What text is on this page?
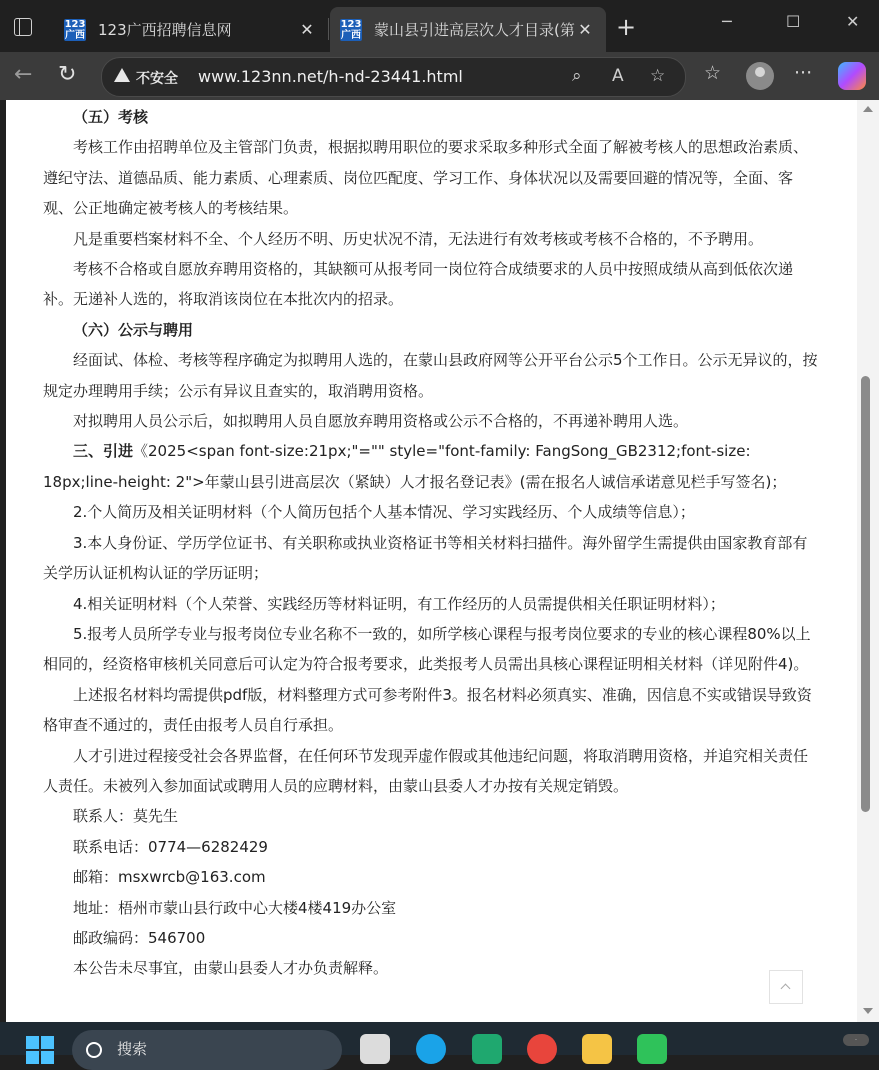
123
广西 123广西招聘信息网	✕	123
广西 蒙山县引进高层次人才目录(第 ✕ +	─	☐	✕
← ↻	不安全 www.123nn.net/h-nd-23441.html	⌕ A ☆ ☆	···

（五）考核

考核工作由招聘单位及主管部门负责，根据拟聘用职位的要求采取多种形式全面了解被考核人的思想政治素质、遵纪守法、道德品质、能力素质、心理素质、岗位匹配度、学习工作、身体状况以及需要回避的情况等，全面、客观、公正地确定被考核人的考核结果。

凡是重要档案材料不全、个人经历不明、历史状况不清，无法进行有效考核或考核不合格的，不予聘用。

考核不合格或自愿放弃聘用资格的，其缺额可从报考同一岗位符合成绩要求的人员中按照成绩从高到低依次递补。无递补人选的，将取消该岗位在本批次内的招录。

（六）公示与聘用

经面试、体检、考核等程序确定为拟聘用人选的，在蒙山县政府网等公开平台公示5个工作日。公示无异议的，按规定办理聘用手续；公示有异议且查实的，取消聘用资格。

对拟聘用人员公示后，如拟聘用人员自愿放弃聘用资格或公示不合格的，不再递补聘用人选。

三、引进《2025<span font-size:21px;"="" style="font-family: FangSong_GB2312;font-size: 18px;line-height: 2">年蒙山县引进高层次（紧缺）人才报名登记表》(需在报名人诚信承诺意见栏手写签名)；

2.个人简历及相关证明材料（个人简历包括个人基本情况、学习实践经历、个人成绩等信息）；

3.本人身份证、学历学位证书、有关职称或执业资格证书等相关材料扫描件。海外留学生需提供由国家教育部有关学历认证机构认证的学历证明；

4.相关证明材料（个人荣誉、实践经历等材料证明，有工作经历的人员需提供相关任职证明材料）；

5.报考人员所学专业与报考岗位专业名称不一致的，如所学核心课程与报考岗位要求的专业的核心课程80%以上相同的，经资格审核机关同意后可认定为符合报考要求，此类报考人员需出具核心课程证明相关材料（详见附件4)。

上述报名材料均需提供pdf版，材料整理方式可参考附件3。报名材料必须真实、准确，因信息不实或错误导致资格审查不通过的，责任由报考人员自行承担。

人才引进过程接受社会各界监督，在任何环节发现弄虚作假或其他违纪问题，将取消聘用资格，并追究相关责任人责任。未被列入参加面试或聘用人员的应聘材料，由蒙山县委人才办按有关规定销毁。

联系人：莫先生

联系电话：0774—6282429

邮箱：msxwrcb@163.com

地址：梧州市蒙山县行政中心大楼4楼419办公室

邮政编码：546700

本公告未尽事宜，由蒙山县委人才办负责解释。

搜索	·
